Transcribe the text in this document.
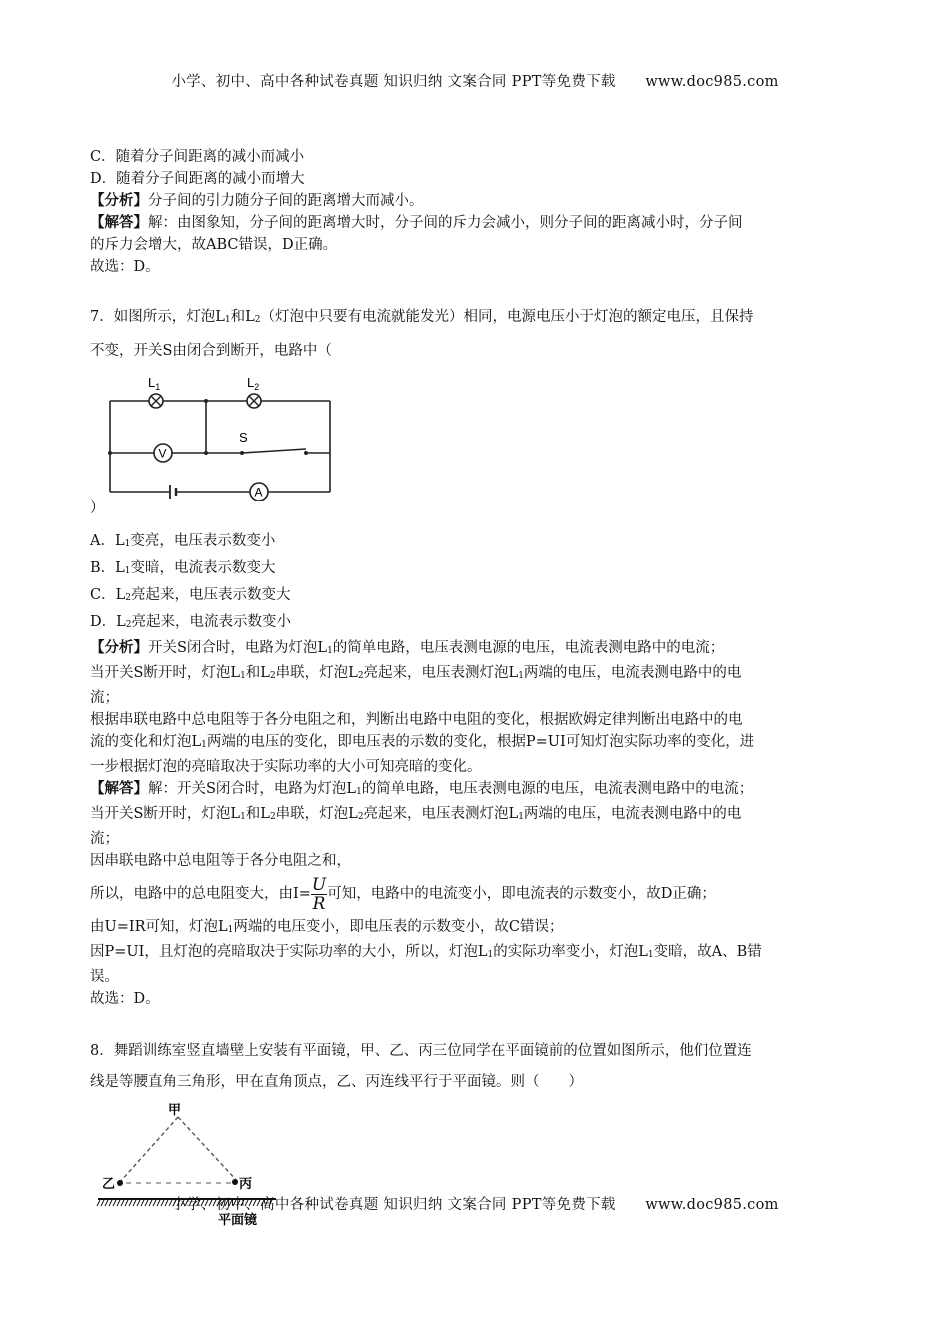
小学、初中、高中各种试卷真题 知识归纳 文案合同 PPT等免费下载　　www.doc985.com
C．随着分子间距离的减小而减小
D．随着分子间距离的减小而增大
【分析】分子间的引力随分子间的距离增大而减小。
【解答】解：由图象知，分子间的距离增大时，分子间的斥力会减小，则分子间的距离减小时，分子间
的斥力会增大，故ABC错误，D正确。
故选：D。
7．如图所示，灯泡$L_1$和$L_2$（灯泡中只要有电流就能发光）相同，电源电压小于灯泡的额定电压，且保持
不变，开关S由闭合到断开，电路中（
$L_1$	$L_2$
V
A
S
）
A．$L_1$变亮，电压表示数变小
B．$L_1$变暗，电流表示数变大
C．$L_2$亮起来，电压表示数变大
D．$L_2$亮起来，电流表示数变小
【分析】开关S闭合时，电路为灯泡$L_1$的简单电路，电压表测电源的电压，电流表测电路中的电流；
当开关S断开时，灯泡$L_1$和$L_2$串联，灯泡$L_2$亮起来，电压表测灯泡$L_1$两端的电压，电流表测电路中的电
流；
根据串联电路中总电阻等于各分电阻之和，判断出电路中电阻的变化，根据欧姆定律判断出电路中的电
流的变化和灯泡$L_1$两端的电压的变化，即电压表的示数的变化，根据P=UI可知灯泡实际功率的变化，进
一步根据灯泡的亮暗取决于实际功率的大小可知亮暗的变化。
【解答】解：开关S闭合时，电路为灯泡$L_1$的简单电路，电压表测电源的电压，电流表测电路中的电流；
当开关S断开时，灯泡$L_1$和$L_2$串联，灯泡$L_2$亮起来，电压表测灯泡$L_1$两端的电压，电流表测电路中的电
流；
因串联电路中总电阻等于各分电阻之和，
所以，电路中的总电阻变大，由$I= \frac{U}{R}$ 可知，电路中的电流变小，即电流表的示数变小，故D正确；
由U=IR可知，灯泡$L_1$两端的电压变小，即电压表的示数变小，故C错误；
因P=UI，且灯泡的亮暗取决于实际功率的大小，所以，灯泡$L_1$的实际功率变小，灯泡$L_1$变暗，故A、B错
误。
故选：D。
8．舞蹈训练室竖直墙壁上安装有平面镜，甲、乙、丙三位同学在平面镜前的位置如图所示，他们位置连
线是等腰直角三角形，甲在直角顶点，乙、丙连线平行于平面镜。则（　　）
甲
乙	丙
平面镜
小学、初中、高中各种试卷真题 知识归纳 文案合同 PPT等免费下载　　www.doc985.com
